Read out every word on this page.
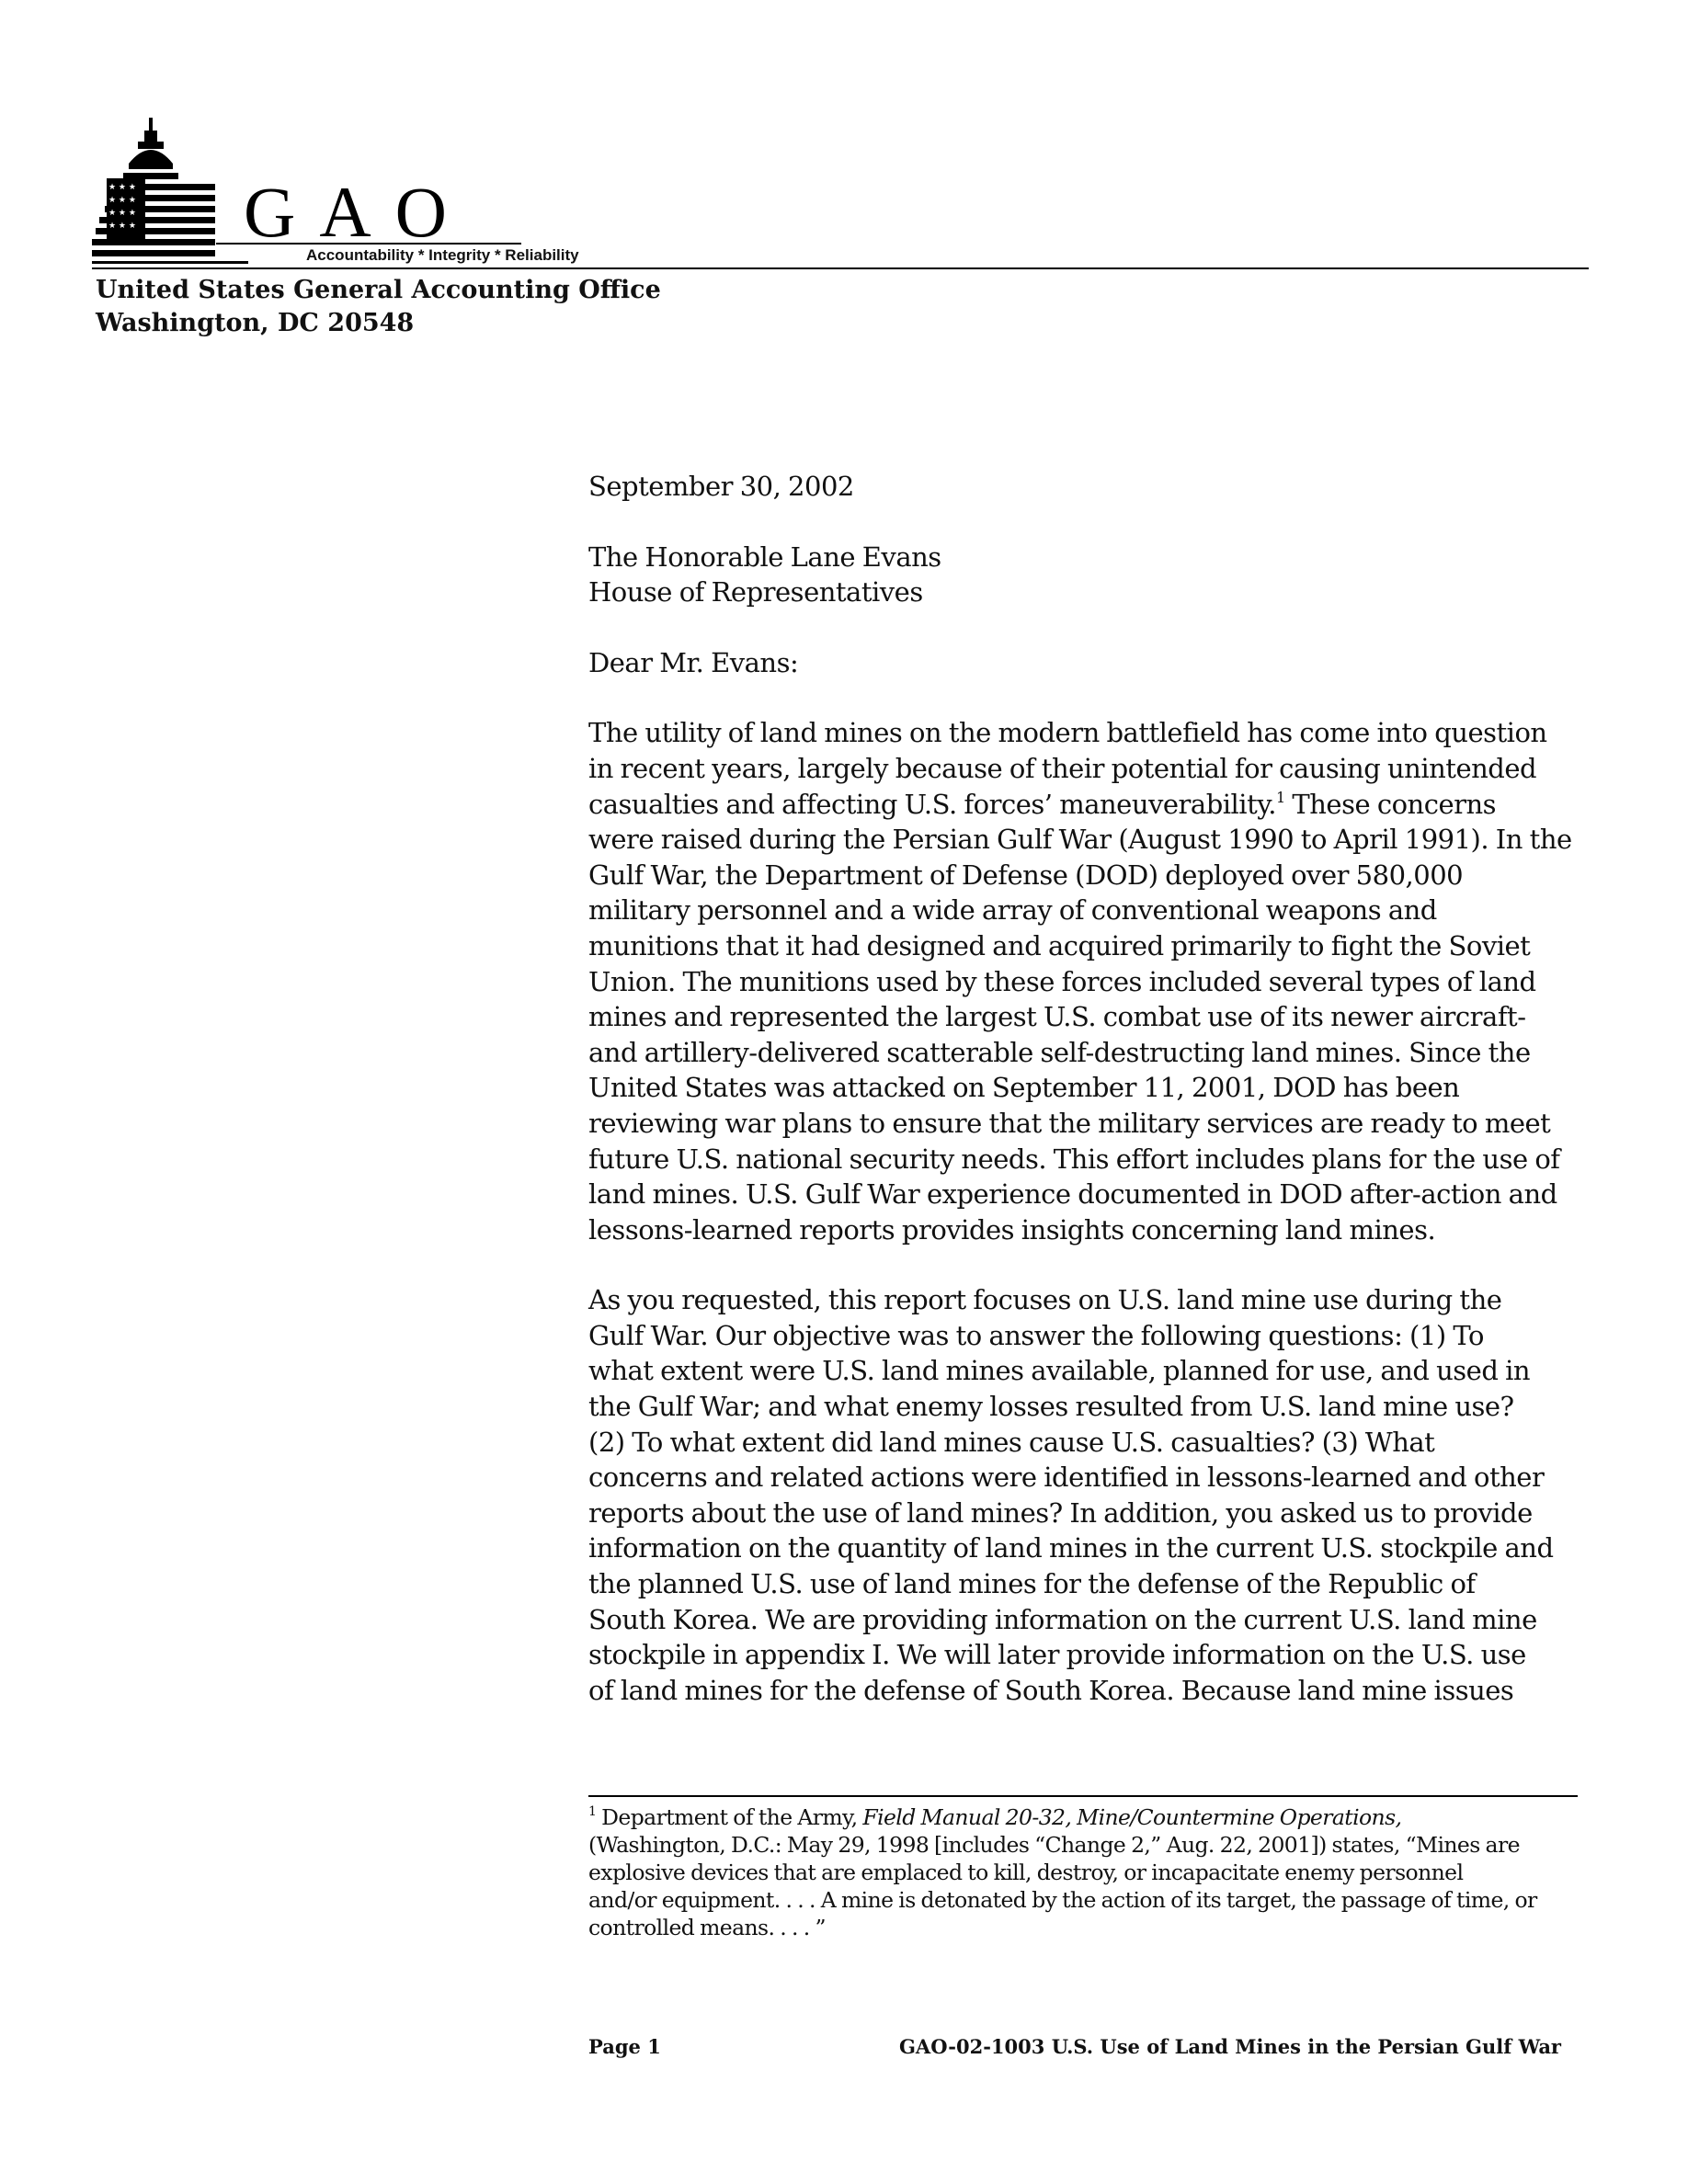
★ ★ ★
★ ★ ★
★ ★ ★
★ ★ ★ GAO
Accountability * Integrity * Reliability
United States General Accounting Office
Washington, DC 20548

September 30, 2002

The Honorable Lane Evans

House of Representatives

Dear Mr. Evans:

The utility of land mines on the modern battlefield has come into question
in recent years, largely because of their potential for causing unintended
casualties and affecting U.S. forces’ maneuverability.$^1$ These concerns
were raised during the Persian Gulf War (August 1990 to April 1991). In the
Gulf War, the Department of Defense (DOD) deployed over 580,000
military personnel and a wide array of conventional weapons and
munitions that it had designed and acquired primarily to fight the Soviet
Union. The munitions used by these forces included several types of land
mines and represented the largest U.S. combat use of its newer aircraft-
and artillery-delivered scatterable self-destructing land mines. Since the
United States was attacked on September 11, 2001, DOD has been
reviewing war plans to ensure that the military services are ready to meet
future U.S. national security needs. This effort includes plans for the use of
land mines. U.S. Gulf War experience documented in DOD after-action and
lessons-learned reports provides insights concerning land mines.
As you requested, this report focuses on U.S. land mine use during the
Gulf War. Our objective was to answer the following questions: (1) To
what extent were U.S. land mines available, planned for use, and used in
the Gulf War; and what enemy losses resulted from U.S. land mine use?
(2) To what extent did land mines cause U.S. casualties? (3) What
concerns and related actions were identified in lessons-learned and other
reports about the use of land mines? In addition, you asked us to provide
information on the quantity of land mines in the current U.S. stockpile and
the planned U.S. use of land mines for the defense of the Republic of
South Korea. We are providing information on the current U.S. land mine
stockpile in appendix I. We will later provide information on the U.S. use
of land mines for the defense of South Korea. Because land mine issues
$^1$ Department of the Army, Field Manual 20-32, Mine/Countermine Operations,
(Washington, D.C.: May 29, 1998 [includes “Change 2,” Aug. 22, 2001]) states, “Mines are
explosive devices that are emplaced to kill, destroy, or incapacitate enemy personnel
and/or equipment. . . . A mine is detonated by the action of its target, the passage of time, or
controlled means. . . . ”
Page 1	GAO-02-1003 U.S. Use of Land Mines in the Persian Gulf War
